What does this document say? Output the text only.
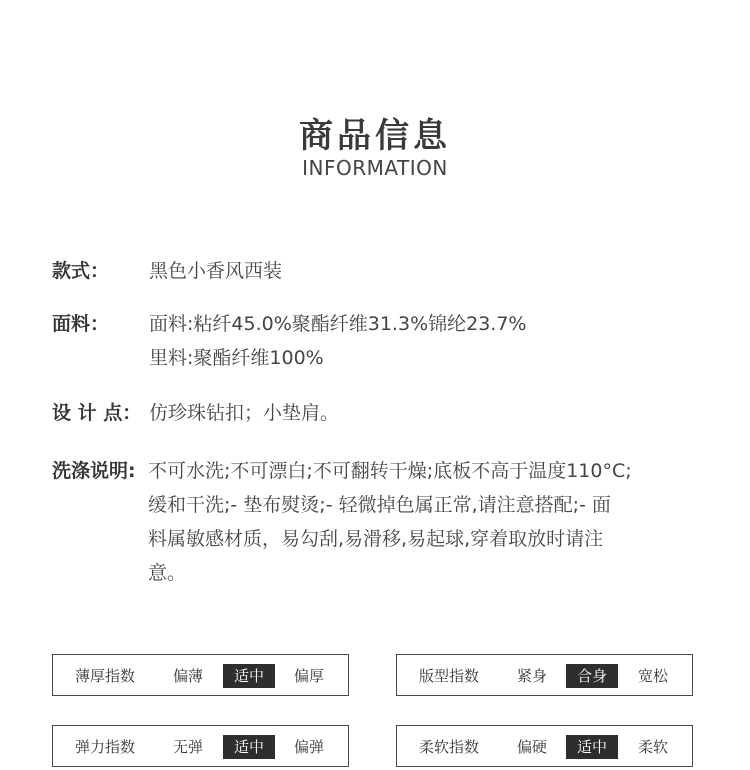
商品信息
INFORMATION
款式： 黑色小香风西装
面料： 面料:粘纤45.0%聚酯纤维31.3%锦纶23.7%
里料:聚酯纤维100%
设 计 点： 仿珍珠钻扣；小垫肩。
洗涤说明: 不可水洗;不可漂白;不可翻转干燥;底板不高于温度110°C;
缓和干洗;- 垫布熨烫;- 轻微掉色属正常,请注意搭配;- 面
料属敏感材质，易勾刮,易滑移,易起球,穿着取放时请注
意。
薄厚指数	偏薄	适中	偏厚	版型指数	紧身	合身	宽松
弹力指数	无弹	适中	偏弹	柔软指数	偏硬	适中	柔软
